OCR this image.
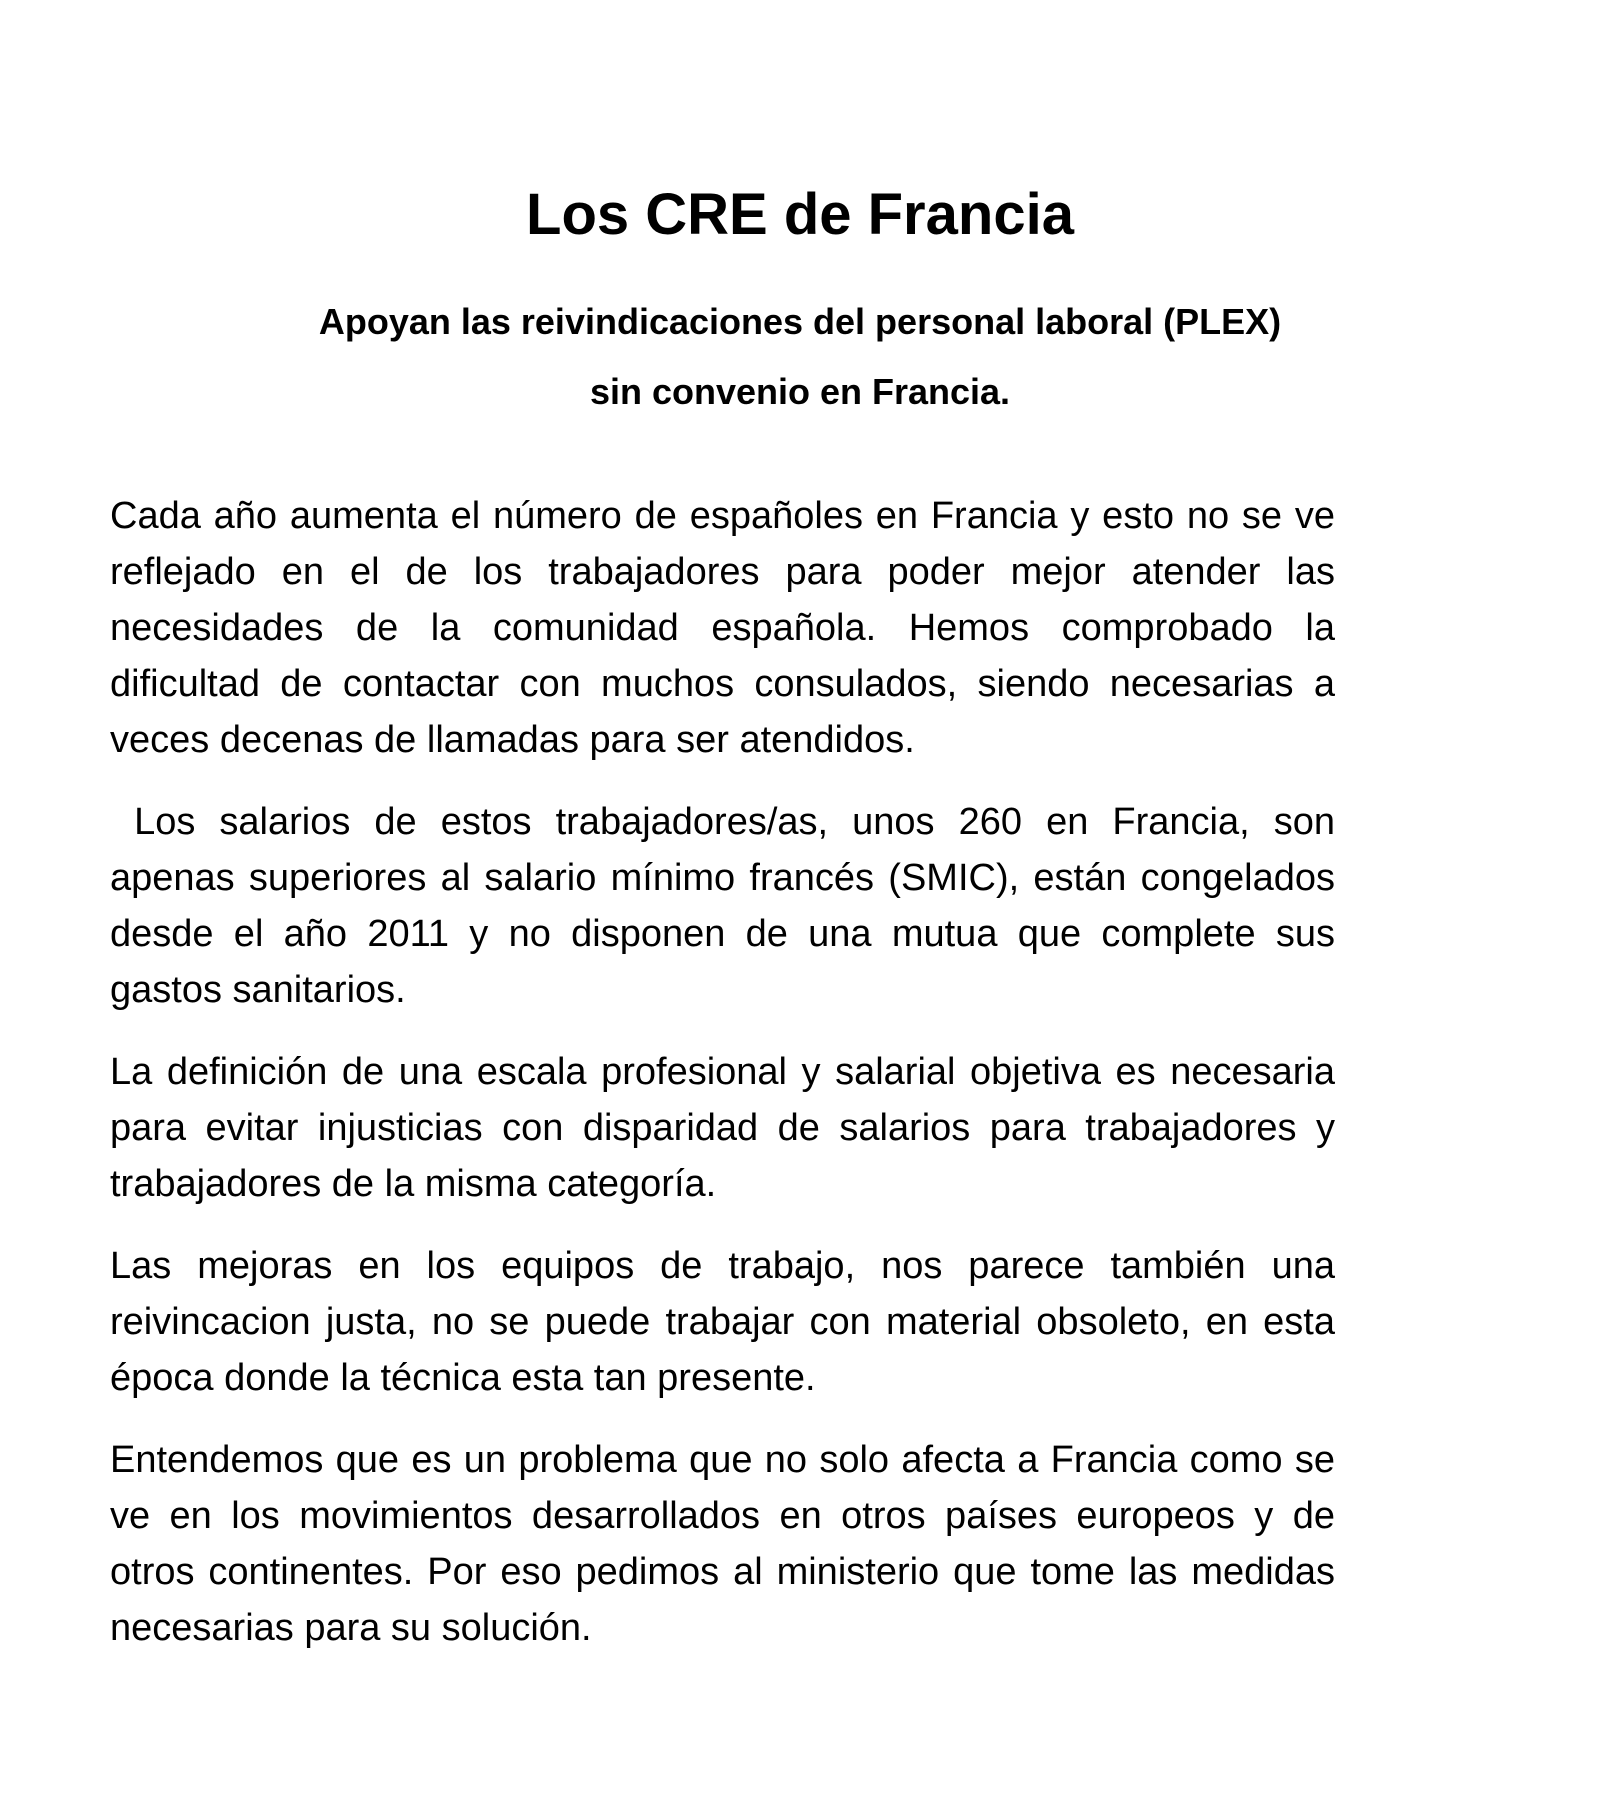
Los CRE de Francia
Apoyan las reivindicaciones del personal laboral (PLEX)
sin convenio en Francia.

Cada año aumenta el número de españoles en Francia y esto no se ve reflejado en el de los trabajadores para poder mejor atender las necesidades de la comunidad española. Hemos comprobado la dificultad de contactar con muchos consulados, siendo necesarias a veces decenas de llamadas para ser atendidos.

Los salarios de estos trabajadores/as, unos 260 en Francia, son apenas superiores al salario mínimo francés (SMIC), están congelados desde el año 2011 y no disponen de una mutua que complete sus gastos sanitarios.

La definición de una escala profesional y salarial objetiva es necesaria para evitar injusticias con disparidad de salarios para trabajadores y trabajadores de la misma categoría.

Las mejoras en los equipos de trabajo, nos parece también una reivincacion justa, no se puede trabajar con material obsoleto, en esta época donde la técnica esta tan presente.

Entendemos que es un problema que no solo afecta a Francia como se ve en los movimientos desarrollados en otros países europeos y de otros continentes. Por eso pedimos al ministerio que tome las medidas necesarias para su solución.
